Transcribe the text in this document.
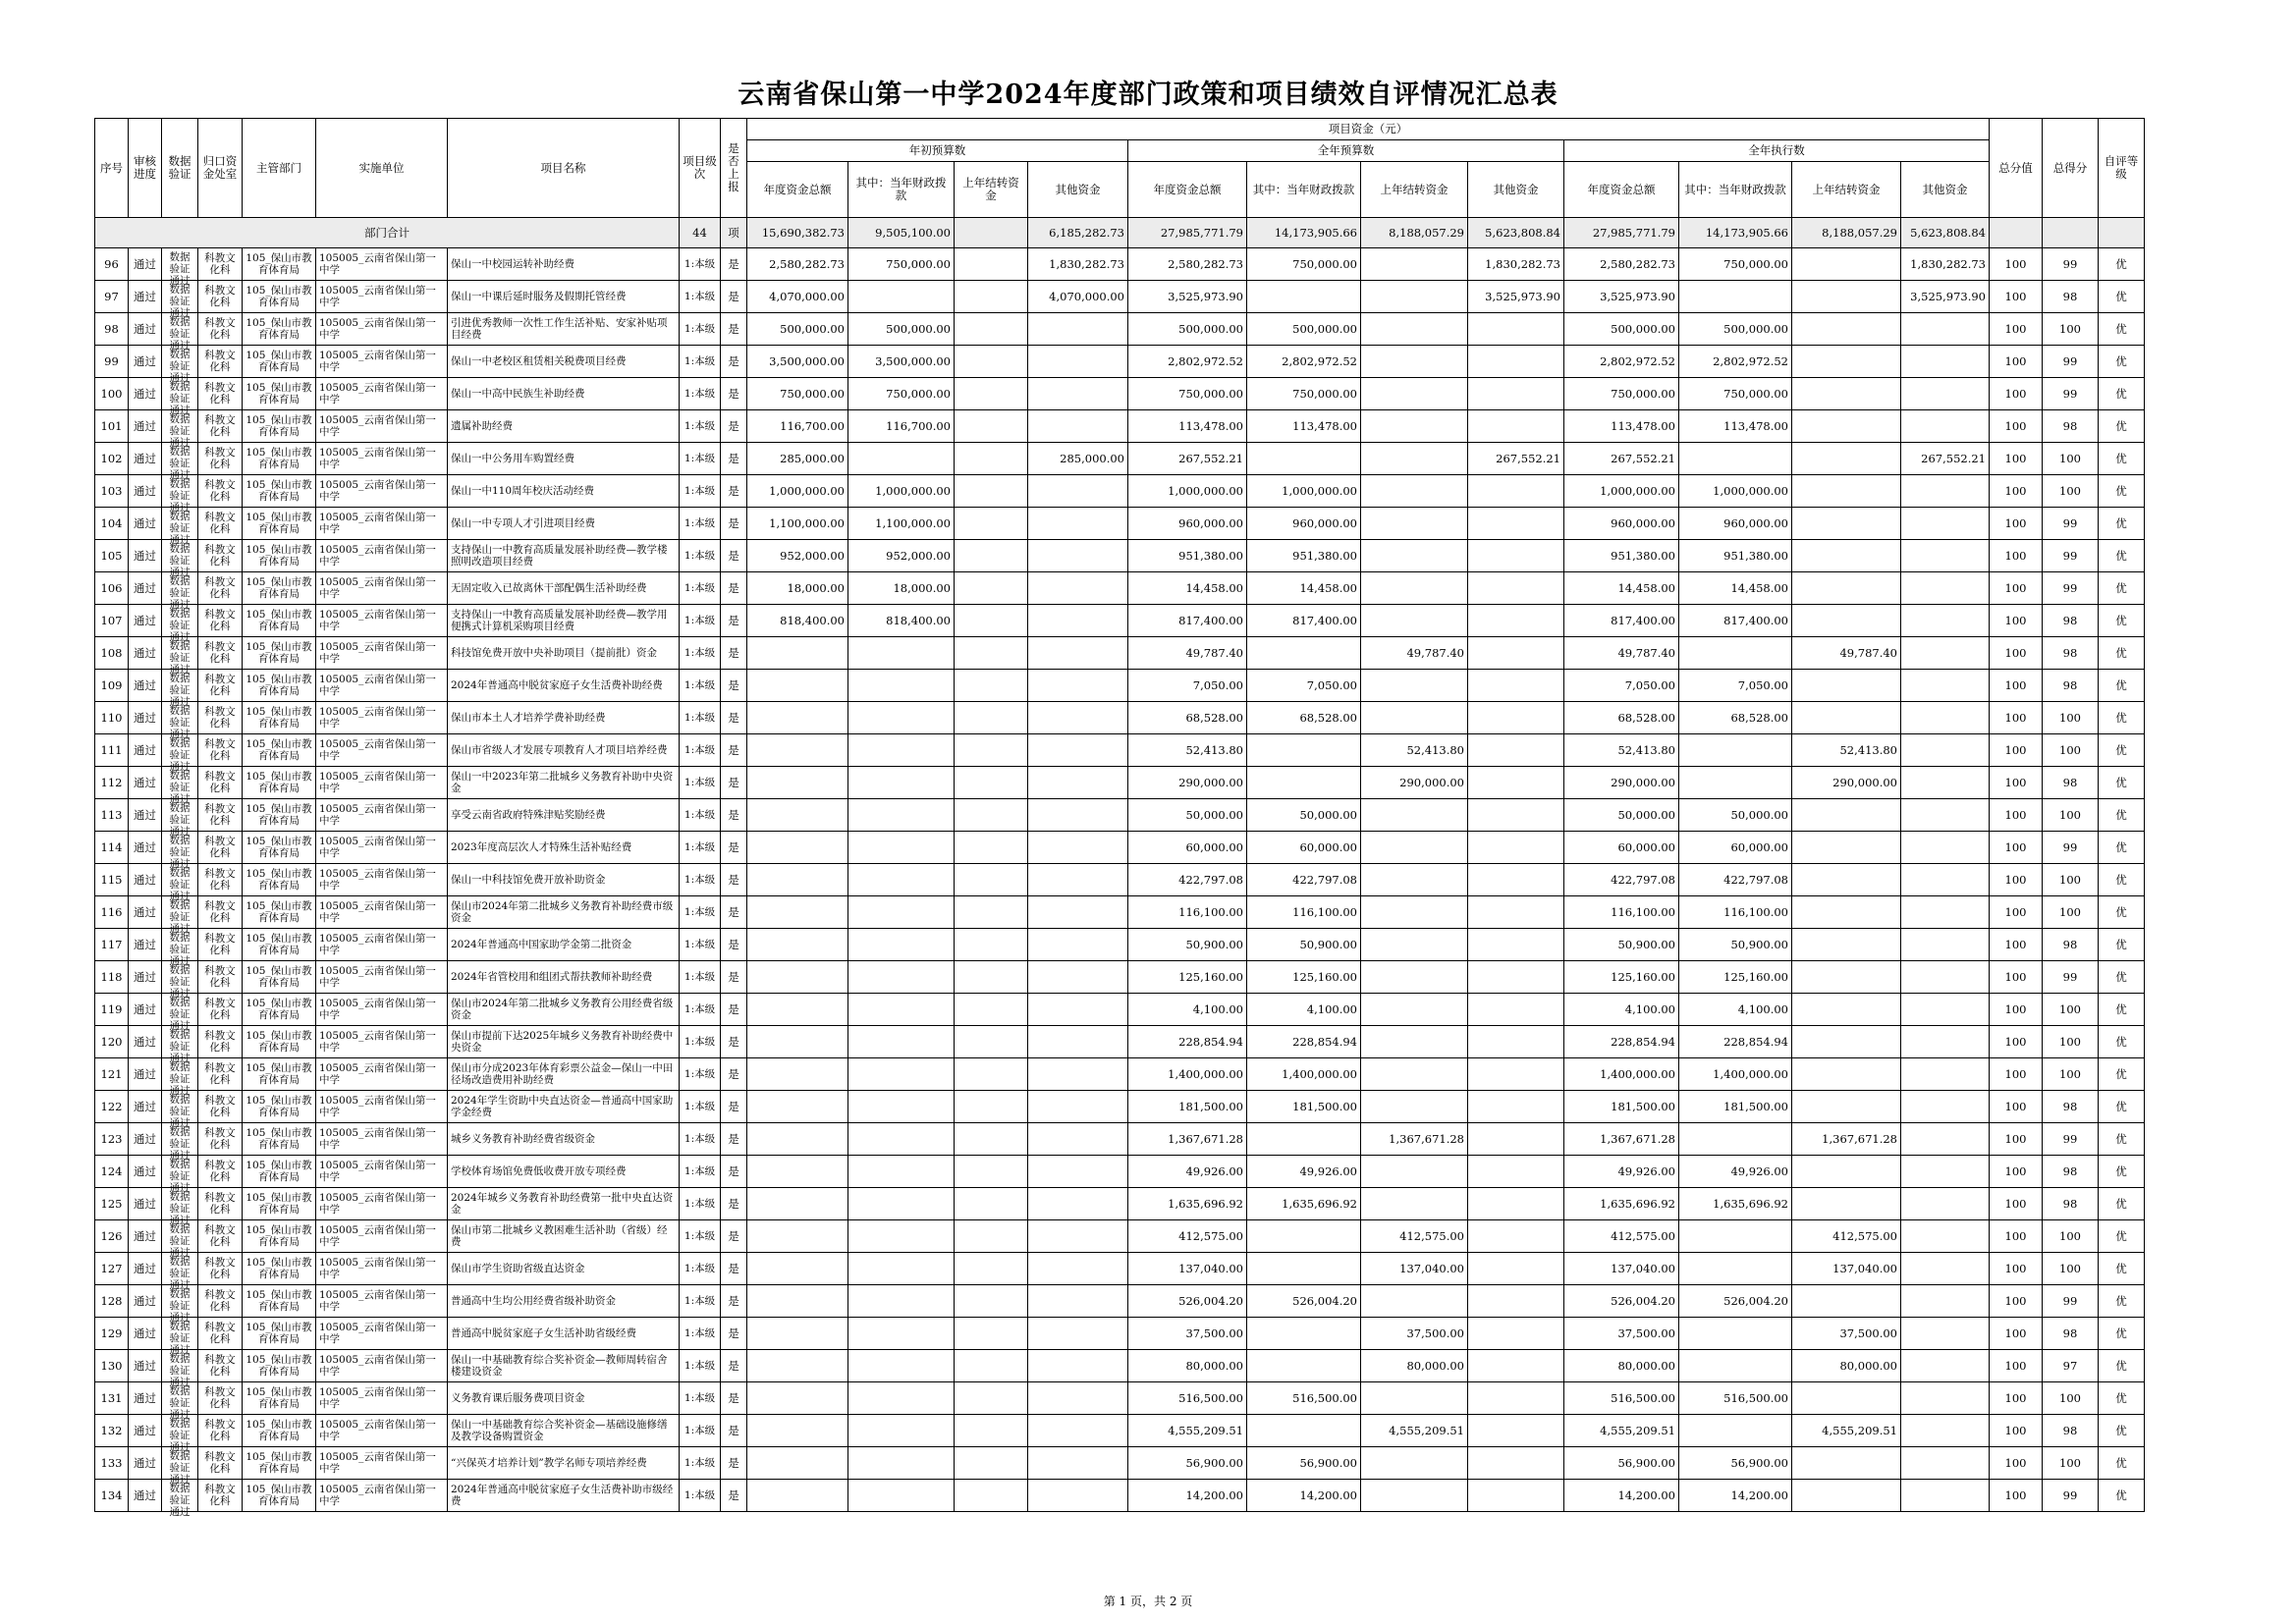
云南省保山第一中学2024年度部门政策和项目绩效自评情况汇总表
序号	审核进度	数据验证	归口资金处室	主管部门	实施单位	项目名称	项目级次	是否上报	项目资金（元）												总分值	总得分	自评等级
									年初预算数				全年预算数				全年执行数						
									年度资金总额	其中：当年财政拨款	上年结转资金	其他资金	年度资金总额	其中：当年财政拨款	上年结转资金	其他资金	年度资金总额	其中：当年财政拨款	上年结转资金	其他资金			
部门合计							44	项	15,690,382.73	9,505,100.00		6,185,282.73	27,985,771.79	14,173,905.66	8,188,057.29	5,623,808.84	27,985,771.79	14,173,905.66	8,188,057.29	5,623,808.84			
96	通过	数据验证通过	科教文化科	105_保山市教育体育局	105005_云南省保山第一中学	保山一中校园运转补助经费	1:本级	是	2,580,282.73	750,000.00		1,830,282.73	2,580,282.73	750,000.00		1,830,282.73	2,580,282.73	750,000.00		1,830,282.73	100	99	优
97	通过	数据验证通过	科教文化科	105_保山市教育体育局	105005_云南省保山第一中学	保山一中课后延时服务及假期托管经费	1:本级	是	4,070,000.00			4,070,000.00	3,525,973.90			3,525,973.90	3,525,973.90			3,525,973.90	100	98	优
98	通过	数据验证通过	科教文化科	105_保山市教育体育局	105005_云南省保山第一中学	引进优秀教师一次性工作生活补贴、安家补贴项目经费	1:本级	是	500,000.00	500,000.00			500,000.00	500,000.00			500,000.00	500,000.00			100	100	优
99	通过	数据验证通过	科教文化科	105_保山市教育体育局	105005_云南省保山第一中学	保山一中老校区租赁相关税费项目经费	1:本级	是	3,500,000.00	3,500,000.00			2,802,972.52	2,802,972.52			2,802,972.52	2,802,972.52			100	99	优
100	通过	数据验证通过	科教文化科	105_保山市教育体育局	105005_云南省保山第一中学	保山一中高中民族生补助经费	1:本级	是	750,000.00	750,000.00			750,000.00	750,000.00			750,000.00	750,000.00			100	99	优
101	通过	数据验证通过	科教文化科	105_保山市教育体育局	105005_云南省保山第一中学	遗属补助经费	1:本级	是	116,700.00	116,700.00			113,478.00	113,478.00			113,478.00	113,478.00			100	98	优
102	通过	数据验证通过	科教文化科	105_保山市教育体育局	105005_云南省保山第一中学	保山一中公务用车购置经费	1:本级	是	285,000.00			285,000.00	267,552.21			267,552.21	267,552.21			267,552.21	100	100	优
103	通过	数据验证通过	科教文化科	105_保山市教育体育局	105005_云南省保山第一中学	保山一中110周年校庆活动经费	1:本级	是	1,000,000.00	1,000,000.00			1,000,000.00	1,000,000.00			1,000,000.00	1,000,000.00			100	100	优
104	通过	数据验证通过	科教文化科	105_保山市教育体育局	105005_云南省保山第一中学	保山一中专项人才引进项目经费	1:本级	是	1,100,000.00	1,100,000.00			960,000.00	960,000.00			960,000.00	960,000.00			100	99	优
105	通过	数据验证通过	科教文化科	105_保山市教育体育局	105005_云南省保山第一中学	支持保山一中教育高质量发展补助经费—教学楼照明改造项目经费	1:本级	是	952,000.00	952,000.00			951,380.00	951,380.00			951,380.00	951,380.00			100	99	优
106	通过	数据验证通过	科教文化科	105_保山市教育体育局	105005_云南省保山第一中学	无固定收入已故离休干部配偶生活补助经费	1:本级	是	18,000.00	18,000.00			14,458.00	14,458.00			14,458.00	14,458.00			100	99	优
107	通过	数据验证通过	科教文化科	105_保山市教育体育局	105005_云南省保山第一中学	支持保山一中教育高质量发展补助经费—教学用便携式计算机采购项目经费	1:本级	是	818,400.00	818,400.00			817,400.00	817,400.00			817,400.00	817,400.00			100	98	优
108	通过	数据验证通过	科教文化科	105_保山市教育体育局	105005_云南省保山第一中学	科技馆免费开放中央补助项目（提前批）资金	1:本级	是					49,787.40		49,787.40		49,787.40		49,787.40		100	98	优
109	通过	数据验证通过	科教文化科	105_保山市教育体育局	105005_云南省保山第一中学	2024年普通高中脱贫家庭子女生活费补助经费	1:本级	是					7,050.00	7,050.00			7,050.00	7,050.00			100	98	优
110	通过	数据验证通过	科教文化科	105_保山市教育体育局	105005_云南省保山第一中学	保山市本土人才培养学费补助经费	1:本级	是					68,528.00	68,528.00			68,528.00	68,528.00			100	100	优
111	通过	数据验证通过	科教文化科	105_保山市教育体育局	105005_云南省保山第一中学	保山市省级人才发展专项教育人才项目培养经费	1:本级	是					52,413.80		52,413.80		52,413.80		52,413.80		100	100	优
112	通过	数据验证通过	科教文化科	105_保山市教育体育局	105005_云南省保山第一中学	保山一中2023年第二批城乡义务教育补助中央资金	1:本级	是					290,000.00		290,000.00		290,000.00		290,000.00		100	98	优
113	通过	数据验证通过	科教文化科	105_保山市教育体育局	105005_云南省保山第一中学	享受云南省政府特殊津贴奖励经费	1:本级	是					50,000.00	50,000.00			50,000.00	50,000.00			100	100	优
114	通过	数据验证通过	科教文化科	105_保山市教育体育局	105005_云南省保山第一中学	2023年度高层次人才特殊生活补贴经费	1:本级	是					60,000.00	60,000.00			60,000.00	60,000.00			100	99	优
115	通过	数据验证通过	科教文化科	105_保山市教育体育局	105005_云南省保山第一中学	保山一中科技馆免费开放补助资金	1:本级	是					422,797.08	422,797.08			422,797.08	422,797.08			100	100	优
116	通过	数据验证通过	科教文化科	105_保山市教育体育局	105005_云南省保山第一中学	保山市2024年第二批城乡义务教育补助经费市级资金	1:本级	是					116,100.00	116,100.00			116,100.00	116,100.00			100	100	优
117	通过	数据验证通过	科教文化科	105_保山市教育体育局	105005_云南省保山第一中学	2024年普通高中国家助学金第二批资金	1:本级	是					50,900.00	50,900.00			50,900.00	50,900.00			100	98	优
118	通过	数据验证通过	科教文化科	105_保山市教育体育局	105005_云南省保山第一中学	2024年省管校用和组团式帮扶教师补助经费	1:本级	是					125,160.00	125,160.00			125,160.00	125,160.00			100	99	优
119	通过	数据验证通过	科教文化科	105_保山市教育体育局	105005_云南省保山第一中学	保山市2024年第二批城乡义务教育公用经费省级资金	1:本级	是					4,100.00	4,100.00			4,100.00	4,100.00			100	100	优
120	通过	数据验证通过	科教文化科	105_保山市教育体育局	105005_云南省保山第一中学	保山市提前下达2025年城乡义务教育补助经费中央资金	1:本级	是					228,854.94	228,854.94			228,854.94	228,854.94			100	100	优
121	通过	数据验证通过	科教文化科	105_保山市教育体育局	105005_云南省保山第一中学	保山市分成2023年体育彩票公益金—保山一中田径场改造费用补助经费	1:本级	是					1,400,000.00	1,400,000.00			1,400,000.00	1,400,000.00			100	100	优
122	通过	数据验证通过	科教文化科	105_保山市教育体育局	105005_云南省保山第一中学	2024年学生资助中央直达资金—普通高中国家助学金经费	1:本级	是					181,500.00	181,500.00			181,500.00	181,500.00			100	98	优
123	通过	数据验证通过	科教文化科	105_保山市教育体育局	105005_云南省保山第一中学	城乡义务教育补助经费省级资金	1:本级	是					1,367,671.28		1,367,671.28		1,367,671.28		1,367,671.28		100	99	优
124	通过	数据验证通过	科教文化科	105_保山市教育体育局	105005_云南省保山第一中学	学校体育场馆免费低收费开放专项经费	1:本级	是					49,926.00	49,926.00			49,926.00	49,926.00			100	98	优
125	通过	数据验证通过	科教文化科	105_保山市教育体育局	105005_云南省保山第一中学	2024年城乡义务教育补助经费第一批中央直达资金	1:本级	是					1,635,696.92	1,635,696.92			1,635,696.92	1,635,696.92			100	98	优
126	通过	数据验证通过	科教文化科	105_保山市教育体育局	105005_云南省保山第一中学	保山市第二批城乡义教困难生活补助（省级）经费	1:本级	是					412,575.00		412,575.00		412,575.00		412,575.00		100	100	优
127	通过	数据验证通过	科教文化科	105_保山市教育体育局	105005_云南省保山第一中学	保山市学生资助省级直达资金	1:本级	是					137,040.00		137,040.00		137,040.00		137,040.00		100	100	优
128	通过	数据验证通过	科教文化科	105_保山市教育体育局	105005_云南省保山第一中学	普通高中生均公用经费省级补助资金	1:本级	是					526,004.20	526,004.20			526,004.20	526,004.20			100	99	优
129	通过	数据验证通过	科教文化科	105_保山市教育体育局	105005_云南省保山第一中学	普通高中脱贫家庭子女生活补助省级经费	1:本级	是					37,500.00		37,500.00		37,500.00		37,500.00		100	98	优
130	通过	数据验证通过	科教文化科	105_保山市教育体育局	105005_云南省保山第一中学	保山一中基础教育综合奖补资金—教师周转宿舍楼建设资金	1:本级	是					80,000.00		80,000.00		80,000.00		80,000.00		100	97	优
131	通过	数据验证通过	科教文化科	105_保山市教育体育局	105005_云南省保山第一中学	义务教育课后服务费项目资金	1:本级	是					516,500.00	516,500.00			516,500.00	516,500.00			100	100	优
132	通过	数据验证通过	科教文化科	105_保山市教育体育局	105005_云南省保山第一中学	保山一中基础教育综合奖补资金—基础设施修缮及教学设备购置资金	1:本级	是					4,555,209.51		4,555,209.51		4,555,209.51		4,555,209.51		100	98	优
133	通过	数据验证通过	科教文化科	105_保山市教育体育局	105005_云南省保山第一中学	“兴保英才培养计划”教学名师专项培养经费	1:本级	是					56,900.00	56,900.00			56,900.00	56,900.00			100	100	优
134	通过	数据验证通过	科教文化科	105_保山市教育体育局	105005_云南省保山第一中学	2024年普通高中脱贫家庭子女生活费补助市级经费	1:本级	是					14,200.00	14,200.00			14,200.00	14,200.00			100	99	优
第 1 页，共 2 页
